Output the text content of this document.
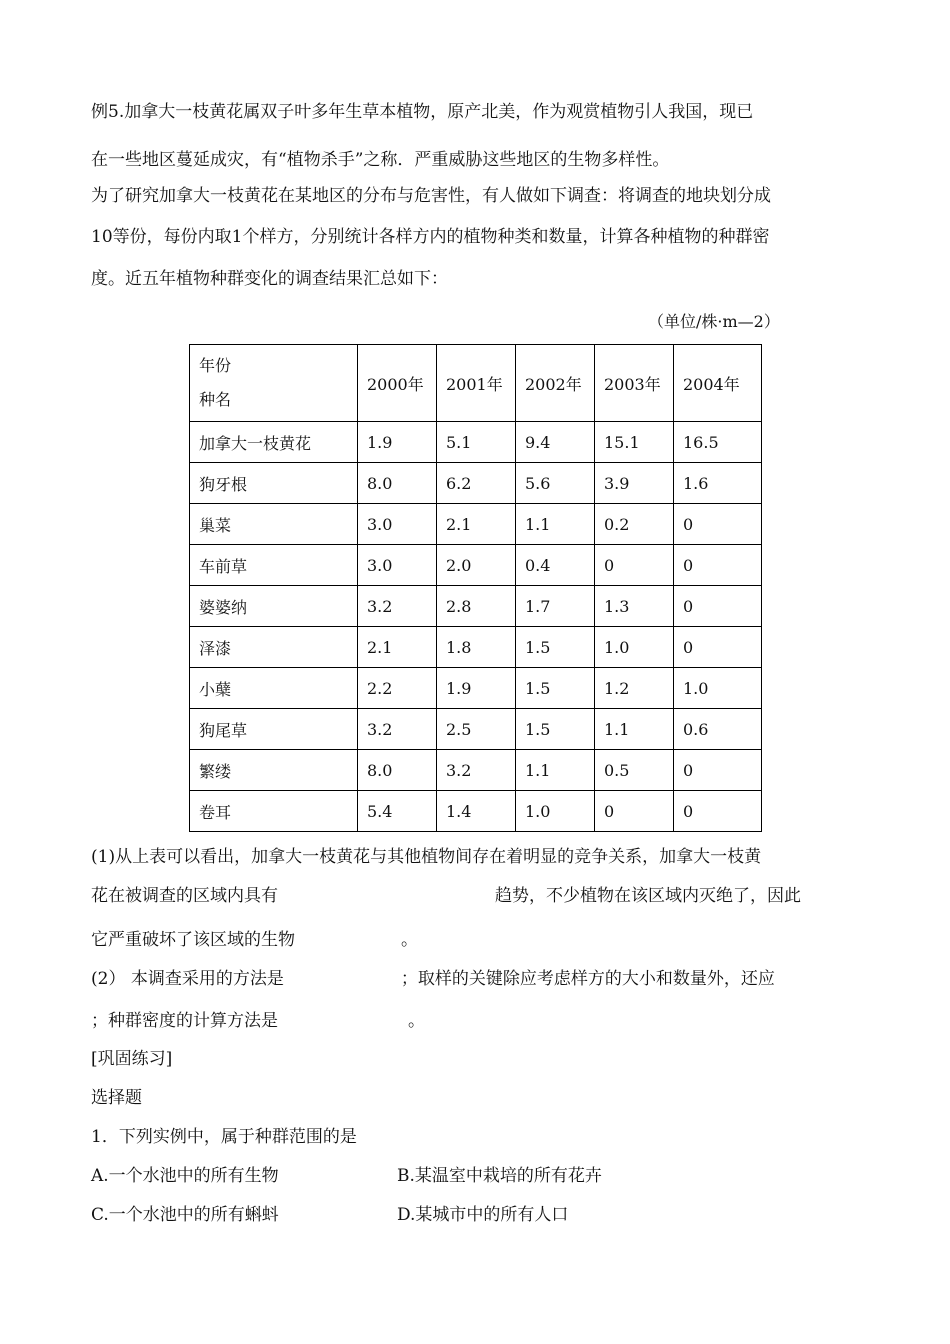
例5.加拿大一枝黄花属双子叶多年生草本植物，原产北美，作为观赏植物引人我国，现已
在一些地区蔓延成灾，有“植物杀手”之称．严重威胁这些地区的生物多样性。
为了研究加拿大一枝黄花在某地区的分布与危害性，有人做如下调查：将调查的地块划分成
10等份，每份内取1个样方，分别统计各样方内的植物种类和数量，计算各种植物的种群密
度。近五年植物种群变化的调查结果汇总如下：
（单位/株·m—2）
年份
种名	2000年	2001年	2002年	2003年	2004年
加拿大一枝黄花	1.9	5.1	9.4	15.1	16.5
狗牙根	8.0	6.2	5.6	3.9	1.6
巢菜	3.0	2.1	1.1	0.2	0
车前草	3.0	2.0	0.4	0	0
婆婆纳	3.2	2.8	1.7	1.3	0
泽漆	2.1	1.8	1.5	1.0	0
小蘖	2.2	1.9	1.5	1.2	1.0
狗尾草	3.2	2.5	1.5	1.1	0.6
繁缕	8.0	3.2	1.1	0.5	0
卷耳	5.4	1.4	1.0	0	0
(1)从上表可以看出，加拿大一枝黄花与其他植物间存在着明显的竞争关系，加拿大一枝黄
花在被调查的区域内具有	趋势，不少植物在该区域内灭绝了，因此
它严重破坏了该区域的生物	。
(2） 本调查采用的方法是	；取样的关键除应考虑样方的大小和数量外，还应
；种群密度的计算方法是	。
[巩固练习]
选择题
1．下列实例中，属于种群范围的是
A.一个水池中的所有生物	B.某温室中栽培的所有花卉
C.一个水池中的所有蝌蚪	D.某城市中的所有人口
